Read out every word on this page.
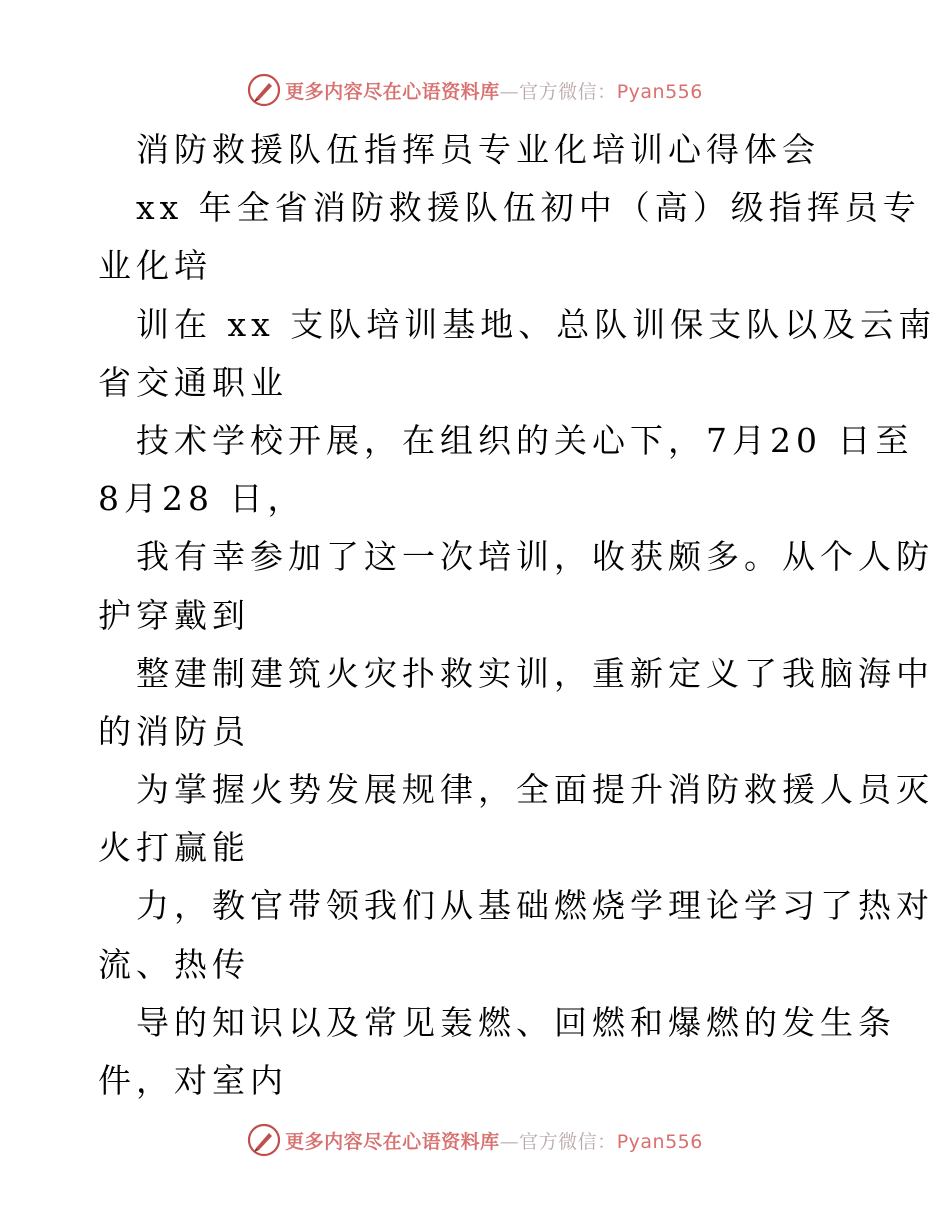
更多内容尽在心语资料库—官方微信：Pyan556
消防救援队伍指挥员专业化培训心得体会
xx 年全省消防救援队伍初中（高）级指挥员专
业化培
训在 xx 支队培训基地、总队训保支队以及云南
省交通职业
技术学校开展，在组织的关心下，7月20 日至
8月28 日，
我有幸参加了这一次培训，收获颇多。从个人防
护穿戴到
整建制建筑火灾扑救实训，重新定义了我脑海中
的消防员
为掌握火势发展规律，全面提升消防救援人员灭
火打赢能
力，教官带领我们从基础燃烧学理论学习了热对
流、热传
导的知识以及常见轰燃、回燃和爆燃的发生条
件，对室内
更多内容尽在心语资料库—官方微信：Pyan556
